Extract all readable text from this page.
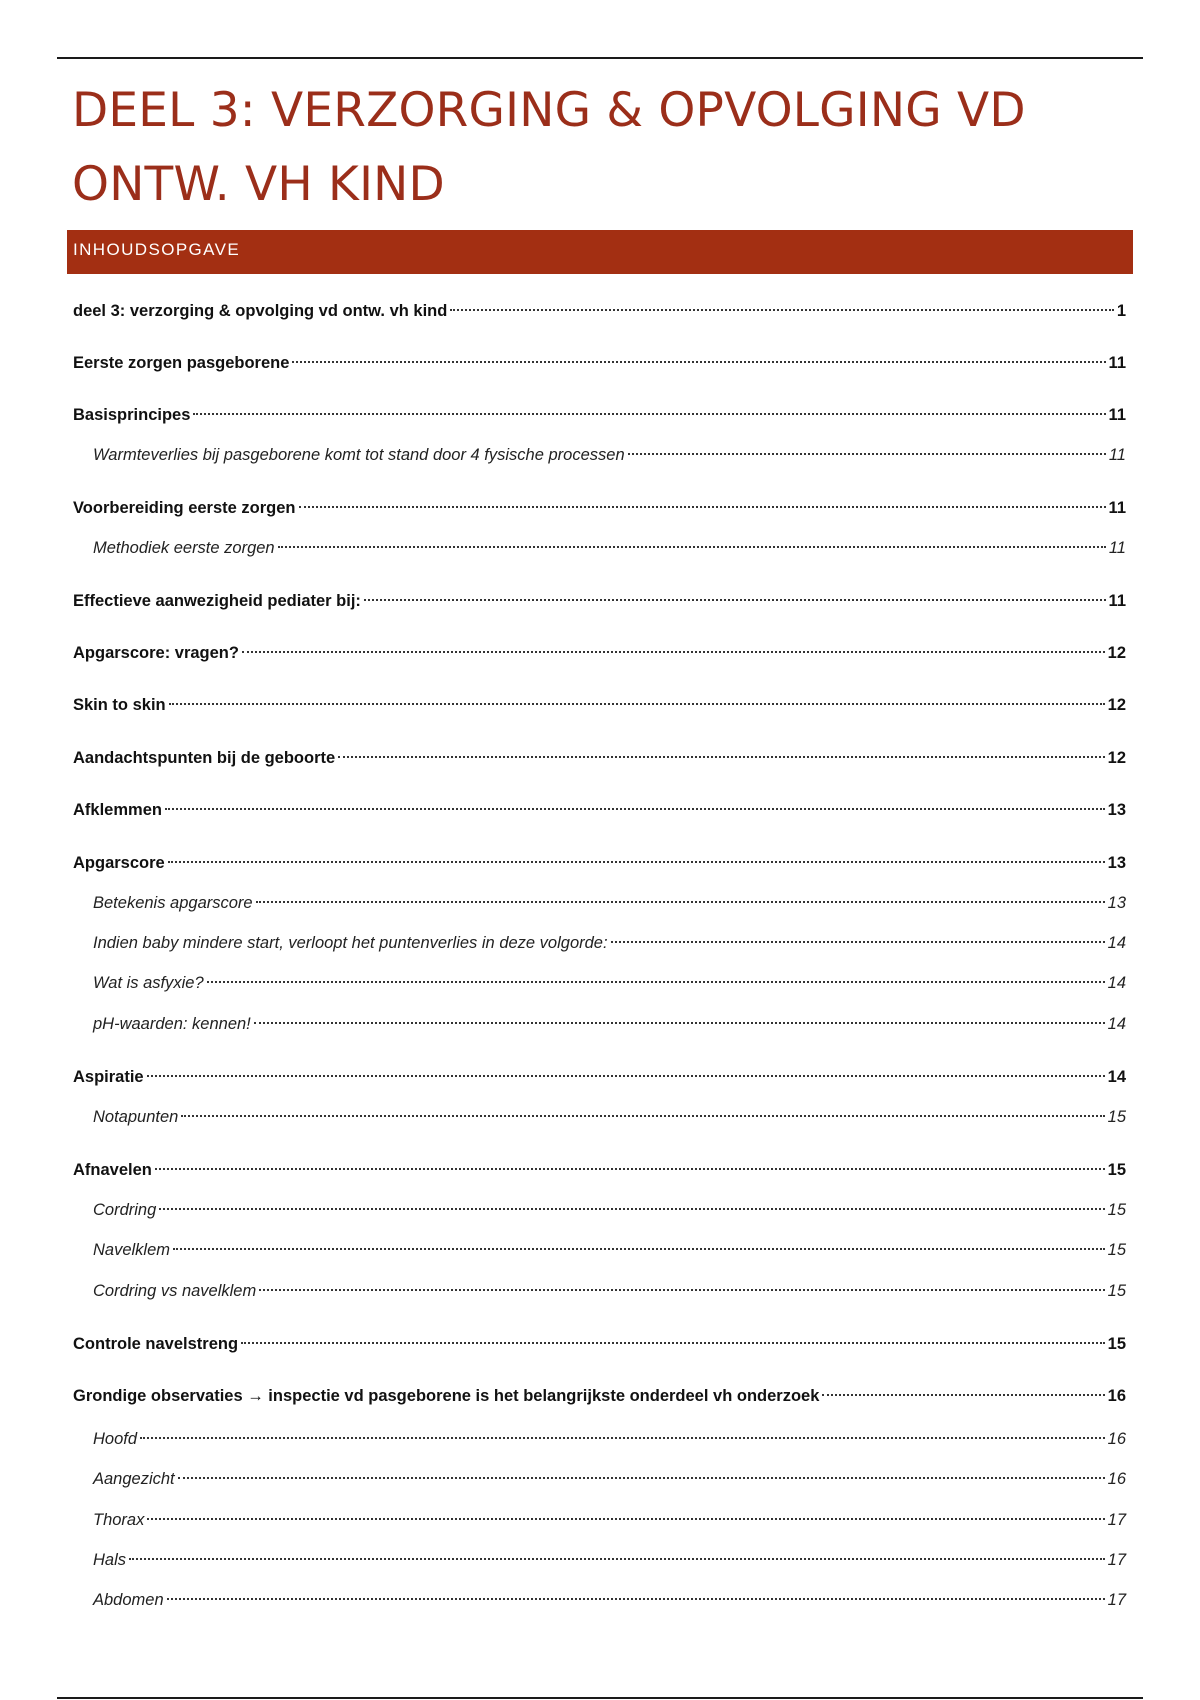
DEEL 3: VERZORGING & OPVOLGING VD ONTW. VH KIND
INHOUDSOPGAVE
deel 3: verzorging & opvolging vd ontw. vh kind	1
Eerste zorgen pasgeborene	11
Basisprincipes	11
Warmteverlies bij pasgeborene komt tot stand door 4 fysische processen	11
Voorbereiding eerste zorgen	11
Methodiek eerste zorgen	11
Effectieve aanwezigheid pediater bij:	11
Apgarscore: vragen?	12
Skin to skin	12
Aandachtspunten bij de geboorte	12
Afklemmen	13
Apgarscore	13
Betekenis apgarscore	13
Indien baby mindere start, verloopt het puntenverlies in deze volgorde:	14
Wat is asfyxie?	14
pH-waarden: kennen!	14
Aspiratie	14
Notapunten	15
Afnavelen	15
Cordring	15
Navelklem	15
Cordring vs navelklem	15
Controle navelstreng	15
Grondige observaties → inspectie vd pasgeborene is het belangrijkste onderdeel vh onderzoek	16
Hoofd	16
Aangezicht	16
Thorax	17
Hals	17
Abdomen	17
